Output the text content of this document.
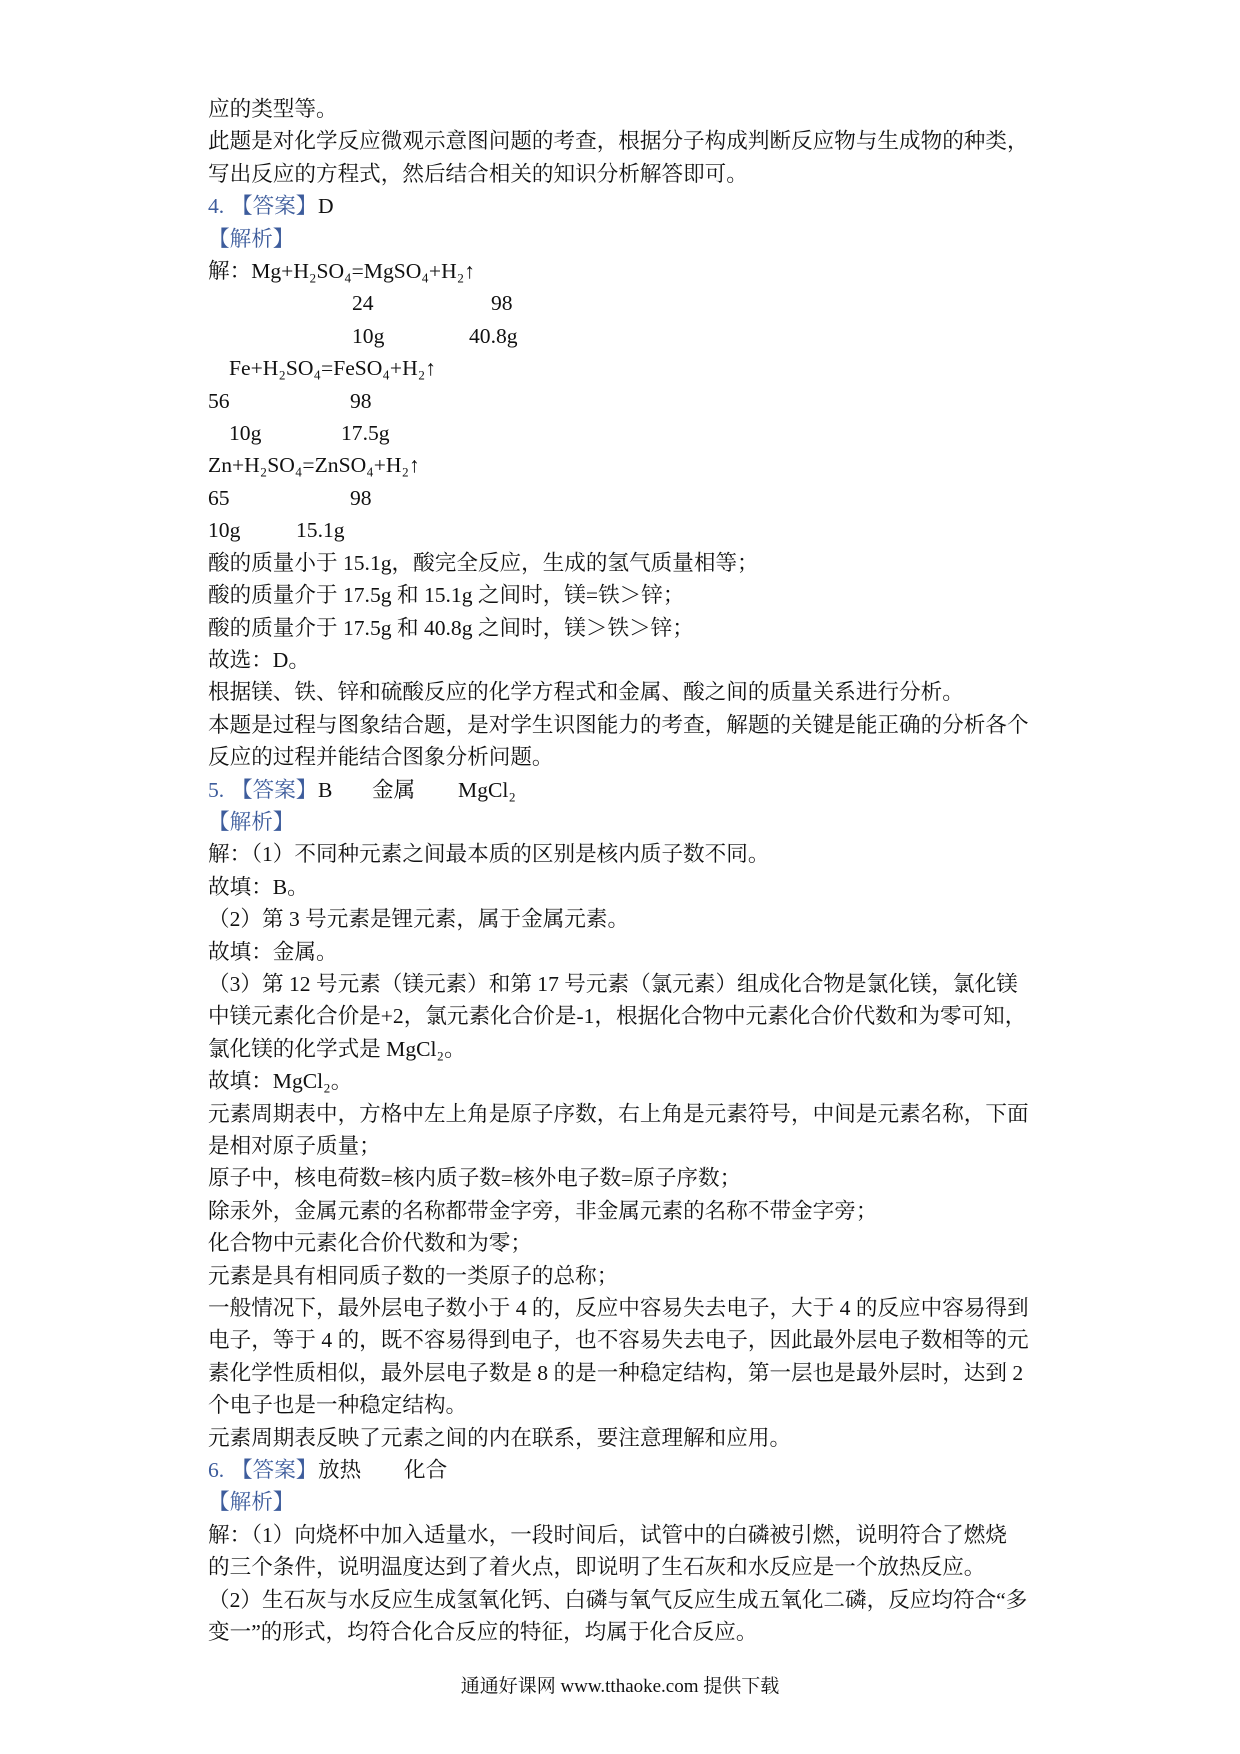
应的类型等。
此题是对化学反应微观示意图问题的考查，根据分子构成判断反应物与生成物的种类，
写出反应的方程式，然后结合相关的知识分析解答即可。
4. 【答案】 D
【解析】
解：Mg+H₂SO₄=MgSO₄+H₂↑
24	98
10g	40.8g
Fe+H₂SO₄=FeSO₄+H₂↑
56	98
10g	17.5g
Zn+H₂SO₄=ZnSO₄+H₂↑
65	98
10g	15.1g
酸的质量小于 15.1g，酸完全反应，生成的氢气质量相等；
酸的质量介于 17.5g 和 15.1g 之间时，镁=铁＞锌；
酸的质量介于 17.5g 和 40.8g 之间时，镁＞铁＞锌；
故选：D。
根据镁、铁、锌和硫酸反应的化学方程式和金属、酸之间的质量关系进行分析。
本题是过程与图象结合题，是对学生识图能力的考查，解题的关键是能正确的分析各个
反应的过程并能结合图象分析问题。
5. 【答案】 B 金属 MgCl₂
【解析】
解：（1）不同种元素之间最本质的区别是核内质子数不同。
故填：B。
（2）第 3 号元素是锂元素，属于金属元素。
故填：金属。
（3）第 12 号元素（镁元素）和第 17 号元素（氯元素）组成化合物是氯化镁，氯化镁
中镁元素化合价是+2，氯元素化合价是-1，根据化合物中元素化合价代数和为零可知，
氯化镁的化学式是 MgCl₂。
故填：MgCl₂。
元素周期表中，方格中左上角是原子序数，右上角是元素符号，中间是元素名称，下面
是相对原子质量；
原子中，核电荷数=核内质子数=核外电子数=原子序数；
除汞外，金属元素的名称都带金字旁，非金属元素的名称不带金字旁；
化合物中元素化合价代数和为零；
元素是具有相同质子数的一类原子的总称；
一般情况下，最外层电子数小于 4 的，反应中容易失去电子，大于 4 的反应中容易得到
电子，等于 4 的，既不容易得到电子，也不容易失去电子，因此最外层电子数相等的元
素化学性质相似，最外层电子数是 8 的是一种稳定结构，第一层也是最外层时，达到 2
个电子也是一种稳定结构。
元素周期表反映了元素之间的内在联系，要注意理解和应用。
6. 【答案】 放热 化合
【解析】
解：（1）向烧杯中加入适量水，一段时间后，试管中的白磷被引燃，说明符合了燃烧
的三个条件，说明温度达到了着火点，即说明了生石灰和水反应是一个放热反应。
（2）生石灰与水反应生成氢氧化钙、白磷与氧气反应生成五氧化二磷，反应均符合“多
变一”的形式，均符合化合反应的特征，均属于化合反应。
通通好课网 www.tthaoke.com 提供下载
